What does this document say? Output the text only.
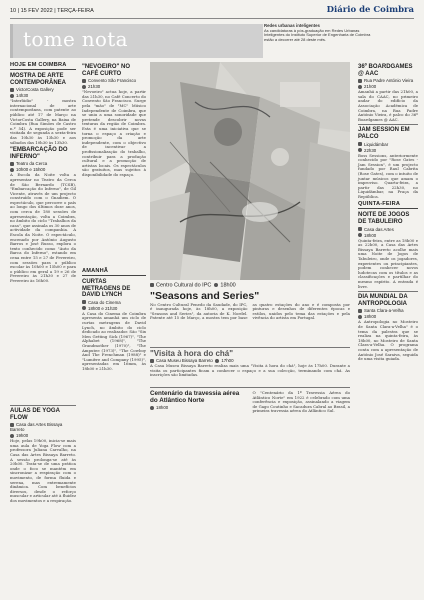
10 | 15 FEV 2022 | TERÇA-FEIRA	Diário de Coimbra
tome nota
Redes urbanas inteligentes
As candidaturas à pós-graduação em Redes Urbanas Inteligentes do Instituto Superior de Engenharia de Coimbra estão a decorrer até 28 deste mês.
HOJE EM COIMBRA
MOSTRA DE ARTE CONTEMPORÂNEA
VictorCosta Gallery
14h30
"Interlúdio" - mostra internacional de arte contemporânea, com patente ao público até 17 de Março na VictorCosta Gallery, na Baixa de Coimbra (Rua Simões de Castro n.º 54). A exposição pode ser visitada de segunda a sexta-feira das 10h30 às 13h30 e aos sábados das 10h30 às 13h30.
"EMBARCAÇÃO DO INFERNO"
Teatro da Cerca
10h00 e 15h00
A Escola da Noite volta a apresentar no Teatro da Cerca de São Bernardo (TCSB), "Embarcação do Inferno", de Gil Vicente, através de um projecto construído com o Gnadiem. O espectáculo, que percorre o país ao longo dos últimos doze anos, com cerca de 180 sessões de apresentação, volta a Coimbra, no âmbito do ciclo "Trabalhos da casa", que assinala os 30 anos de actividade da companhia. A Escola da Noite. O espectáculo, encenado por António Augusto Barros e José Russo, explora o texto conhecido como "Auto da Barca do Inferno", estando em cena entre 15 e 27 de Fevereiro, com sessões para o público escolar às 10h00 e 15h00 e para o público em geral a 19 e 26 de Fevereiro às 21h30 e 27 de Fevereiro às 16h00.
AULAS DE YOGA FLOW
Casa das Artes Bissaya Barreto
19h00
Hoje, pelas 19h00, inicia-se mais uma aula de Yoga Flow com a professora Juliana Carvalho, na Casa das Artes Bissaya Barreto. A sessão prolonga-se até às 20h00. Trata-se de uma prática onde o foco se mantém em sincronizar a respiração com o movimento, de forma fluida e serena, mas extremamente dinâmica. Com benefícios diversos, desde o reforço muscular e articular até à fluidez dos movimentos e a respiração.
"NEVOEIRO" NO CAFÉ CURTO
Convento São Francisco
21h30
"Nevoeiro" actua hoje, a partir das 21h30, no Café Concerto do Convento São Francisco. Surge pela "mão" de "MC" Músico Independente de Coimbra, que se uniu a uma sonoridade que pretende descobrir novas texturas da região de Coimbra. Esta é uma iniciativa que se torna o espaço a criação e promoção da arte independente, com o objectivo de incentivar a profissionalização do trabalho, contribuir para a produção cultural e a promoção de artistas locais. Os espectáculos são gratuitos, mas sujeitos à disponibilidade do espaço.
AMANHÃ
CURTAS METRAGENS DE DAVID LYNCH
Casa do Cinema
18h00 e 21h30
A Casa do Cinema de Coimbra apresenta amanhã um ciclo de curtas metragens de David Lynch, no âmbito do ciclo dedicado ao realizador. São "Six Men Getting Sick (1967)", "The Alphabet (1968)", "The Grandmother (1970)", "The Amputee (1973)", "The Cowboy And The Frenchman (1988)" e "Lumière and Company (1995)", apresentadas em 16mm, às 18h00 e 21h30.
Centro Cultural do IPC 18h00
"Seasons and Series"
No Centro Cultural Penedo da Saudade, do IPC, é inaugurada hoje, às 18h00, a exposição "Seasons and Series", da autoria de K. Nordel. Patente até 15 de Março, a mostra tem por base as quatro estações do ano e é composta por pinturas e desenhos de diferentes épocas e estilos, unidos pelo tema das estações e pela vivência do artista em Portugal.
"Visita à hora do chá"
Casa Museu Bissaya Barreto 17h00
A Casa Museu Bissaya Barreto realiza mais uma "Visita à hora do chá", hoje às 17h00. Durante a visita os participantes ficam a conhecer o espaço e a sua colecção, terminando com chá. As inscrições são limitadas.
Centenário da travessia aérea do Atlântico Norte
18h00
O "Centenário da 1ª Travessia Aérea do Atlântico Norte" em 1922 é celebrado com uma conferência e exposição, assinalando a viagem de Gago Coutinho e Sacadura Cabral ao Brasil, a primeira travessia aérea do Atlântico Sul.
36º BOARDGAMES @ AAC
Rua Padre António Vieira
21h00
Amanhã a partir das 21h00, a sala do CAAC, no primeiro andar do edifício da Associação Académica de Coimbra, na Rua Padre António Vieira, é palco do 36º Boardgames @ AAC.
JAM SESSION EM PALCO
Liquidámbar
22h30
Boss Sessions, anteriormente conhecido por "Rose Gates - Jam Session", é um projecto fundado por Raul Cabrita (Rose Gates), com o intuito de juntar músicos que amam o improviso. Quarta-feira, a partir das 22h30, no Liquidámbar, na Praça da República.
QUINTA-FEIRA
NOITE DE JOGOS DE TABULEIRO
Casa das Artes
18h00
Quinta-feira, entre as 18h00 e as 22h00, a Casa das Artes Bissaya Barreto acolhe mais uma Noite de Jogos de Tabuleiro, onde os jogadores, experientes ou principiantes, podem conhecer novos ludotecas com os títulos e as classificações e partilhar do mesmo espírito. A entrada é livre.
DIA MUNDIAL DA ANTROPOLOGIA
Santa Clara-a-Velha
18h00
A Antropologia no Mosteiro de Santa Clara-a-Velha" é o tema da palestra que se realiza na quinta-feira, às 18h00, no Mosteiro de Santa Clara-a-Velha. O programa conta com a apresentação de António José Saraiva, seguida de uma visita guiada.
